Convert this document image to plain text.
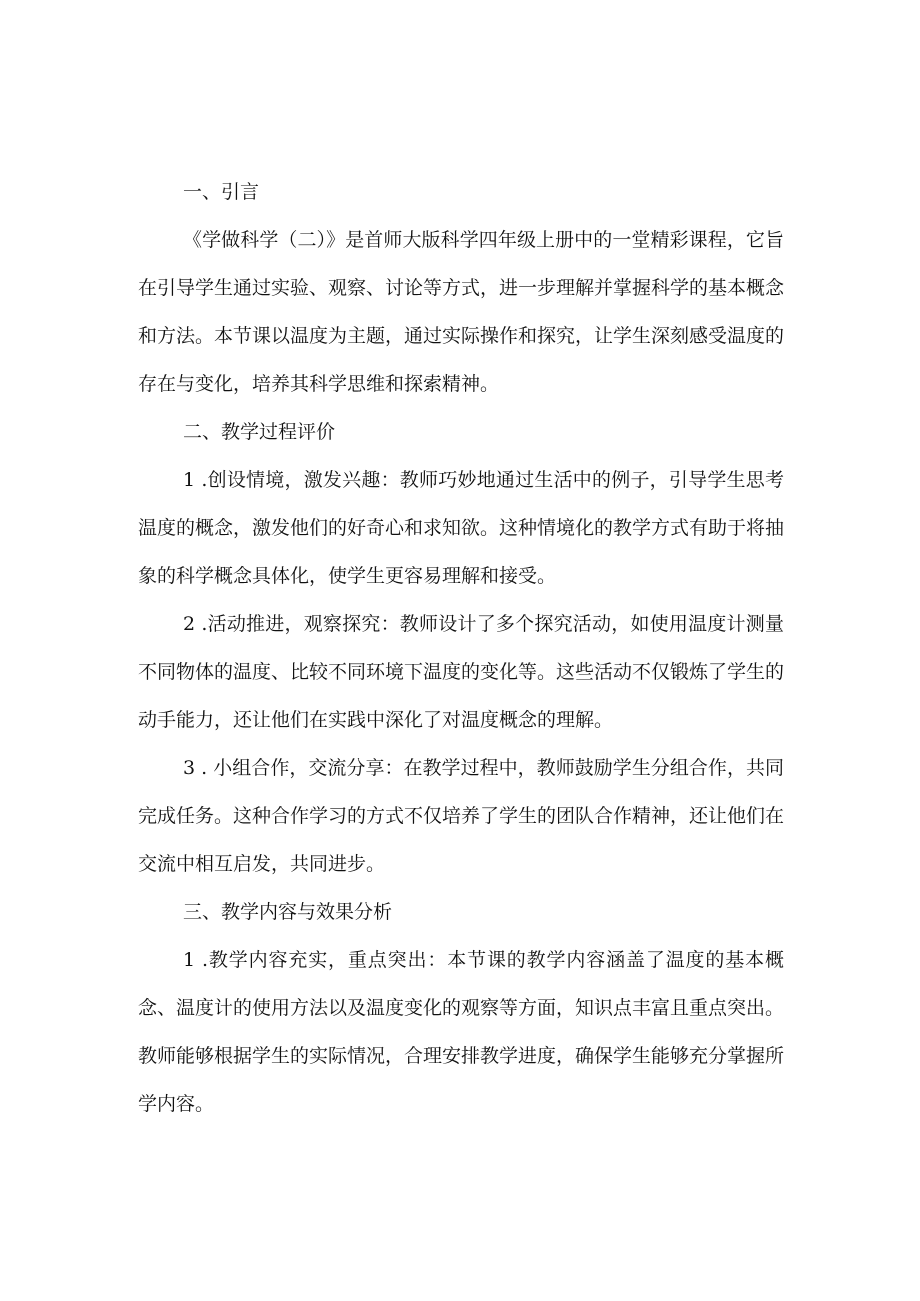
一、引言

《学做科学（二）》是首师大版科学四年级上册中的一堂精彩课程，它旨在引导学生通过实验、观察、讨论等方式，进一步理解并掌握科学的基本概念和方法。本节课以温度为主题，通过实际操作和探究，让学生深刻感受温度的存在与变化，培养其科学思维和探索精神。

二、教学过程评价

1 .创设情境，激发兴趣：教师巧妙地通过生活中的例子，引导学生思考温度的概念，激发他们的好奇心和求知欲。这种情境化的教学方式有助于将抽象的科学概念具体化，使学生更容易理解和接受。

2 .活动推进，观察探究：教师设计了多个探究活动，如使用温度计测量不同物体的温度、比较不同环境下温度的变化等。这些活动不仅锻炼了学生的动手能力，还让他们在实践中深化了对温度概念的理解。

3 . 小组合作，交流分享：在教学过程中，教师鼓励学生分组合作，共同完成任务。这种合作学习的方式不仅培养了学生的团队合作精神，还让他们在交流中相互启发，共同进步。

三、教学内容与效果分析

1 .教学内容充实，重点突出：本节课的教学内容涵盖了温度的基本概念、温度计的使用方法以及温度变化的观察等方面，知识点丰富且重点突出。教师能够根据学生的实际情况，合理安排教学进度，确保学生能够充分掌握所学内容。
